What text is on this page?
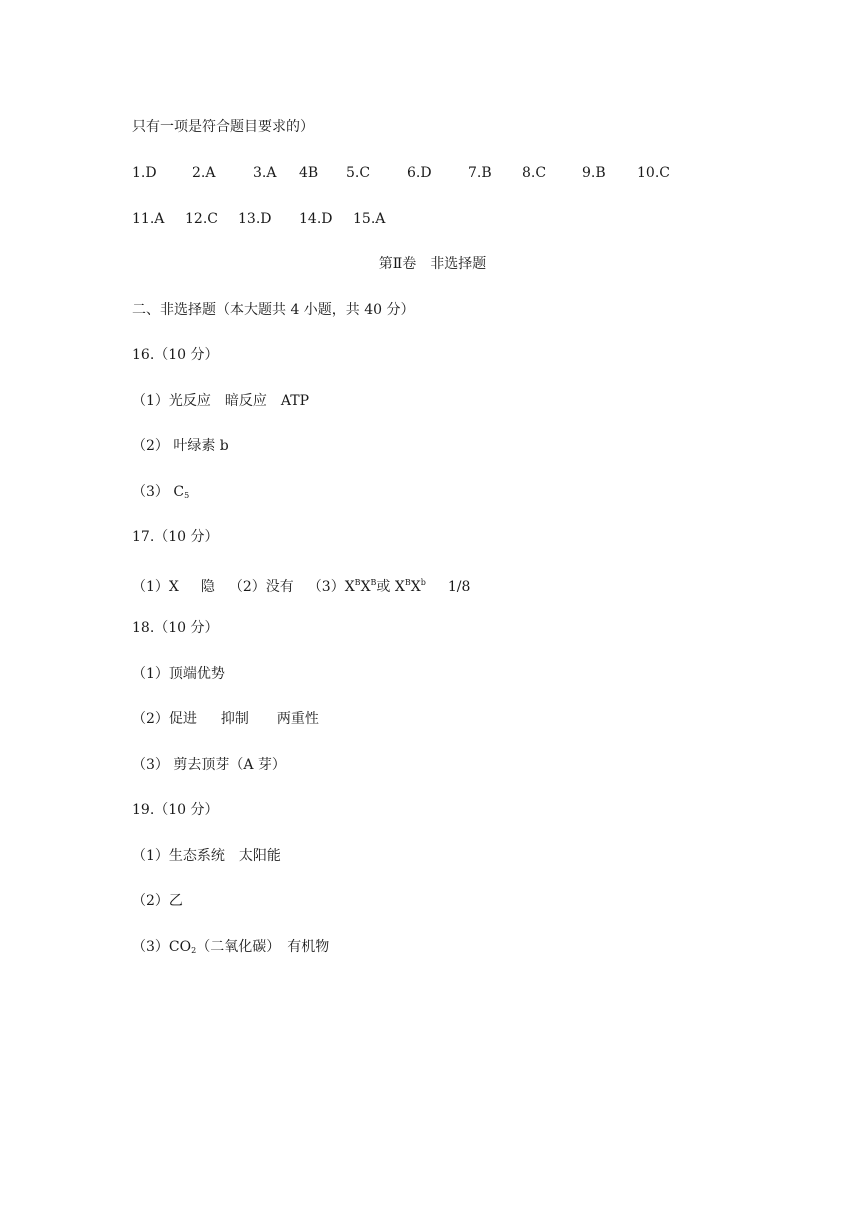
只有一项是符合题目要求的）
1.D	2.A	3.A 4B 5.C	6.D	7.B 8.C	9.B 10.C
11.A 12.C 13.D 14.D 15.A
第Ⅱ卷　非选择题
二、非选择题（本大题共 4 小题，共 40 分）
16.（10 分）
（1）光反应　暗反应　ATP
（2） 叶绿素 b
（3） $C_5$
17.（10 分）
（1）X 隐 （2）没有 $(3)X^BX^B$或 $X^BX^b$ 1/8
18.（10 分）
（1）顶端优势
（2）促进 抑制 两重性
（3） 剪去顶芽（A 芽）
19.（10 分）
（1）生态系统　太阳能
（2）乙
$(3)CO_2$（二氧化碳）　有机物
